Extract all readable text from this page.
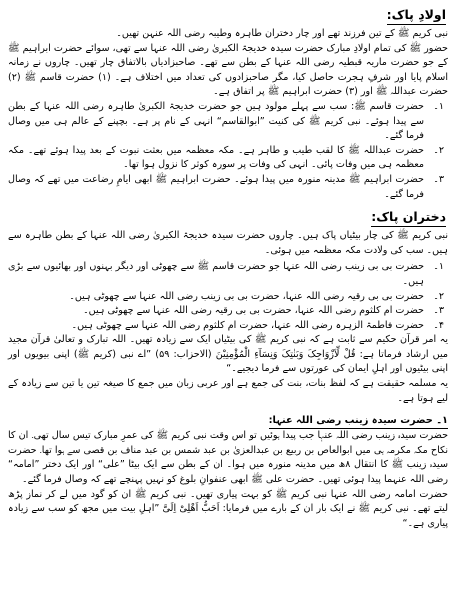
اولادِ پاک:

نبی کریم ﷺ کے تین فرزند تھے اور چار دختران طاہرہ وطیبہ رضی اللہ عنہن تھیں۔

حضور ﷺ کی تمام اولادِ مبارک حضرت سیدہ خدیجۃ الکبریٰ رضی اللہ عنہا سے تھی، سوائے حضرت ابراہیم ﷺ کے جو حضرت ماریہ قبطیہ رضی اللہ عنہا کے بطن سے تھے۔ صاحبزادیاں بالاتفاق چار تھیں۔ چاروں نے زمانہ اسلام پایا اور شرفِ ہجرت حاصل کیا، مگر صاحبزادوں کی تعداد میں اختلاف ہے۔ (۱) حضرت قاسم ﷺ (۲) حضرت عبداللہ ﷺ اور (۳) حضرت ابراہیم ﷺ پر اتفاق ہے۔

۱۔
حضرت قاسم ﷺ: سب سے پہلے مولود ہیں جو حضرت خدیجۃ الکبریٰ طاہرہ رضی اللہ عنہا کے بطن سے پیدا ہوئے۔ نبی کریم ﷺ کی کنیت ”ابوالقاسم“ انہی کے نام پر ہے۔ بچپنے کے عالم ہی میں وصال فرما گئے۔
۲۔
حضرت عبداللہ ﷺ کا لقب طیب و طاہر ہے۔ مکہ معظمہ میں بعثت نبوت کے بعد پیدا ہوئے تھے۔ مکہ معظمہ ہی میں وفات پائی۔ انہی کی وفات پر سورہ کوثر کا نزول ہوا تھا۔
۳۔
حضرت ابراہیم ﷺ مدینہ منورہ میں پیدا ہوئے۔ حضرت ابراہیم ﷺ ابھی ایامِ رضاعت میں تھے کہ وصال فرما گئے۔
دختران پاک:

نبی کریم ﷺ کی چار بیٹیاں پاک ہیں۔ چاروں حضرت سیدہ خدیجۃ الکبریٰ رضی اللہ عنہا کے بطن طاہرہ سے ہیں۔ سب کی ولادت مکہ معظمہ میں ہوئی۔

۱۔
حضرت بی بی زینب رضی اللہ عنہا جو حضرت قاسم ﷺ سے چھوٹی اور دیگر بہنوں اور بھائیوں سے بڑی ہیں۔
۲۔
حضرت بی بی رقیہ رضی اللہ عنہا، حضرت بی بی زینب رضی اللہ عنہا سے چھوٹی ہیں۔
۳۔
حضرت ام کلثوم رضی اللہ عنہا، حضرت بی بی رقیہ رضی اللہ عنہا سے چھوٹی ہیں۔
۴۔
حضرت فاطمۃ الزہرہ رضی اللہ عنہا، حضرت ام کلثوم رضی اللہ عنہا سے چھوٹی ہیں۔

یہ امر قرآن حکیم سے ثابت ہے کہ نبی کریم ﷺ کی بیٹیاں ایک سے زیادہ تھیں۔ اللہ تبارک و تعالیٰ قرآن مجید میں ارشاد فرماتا ہے: قُلْ لِّاَزْوَاجِکَ وَبَنٰتِکَ وَنِسَآءِ الْمُؤْمِنِیْنَ (الاحزاب: ۵۹) ”اے نبی (کریم ﷺ) اپنی بیویوں اور اپنی بیٹیوں اور اہلِ ایمان کی عورتوں سے فرما دیجیے۔“

یہ مسلمہ حقیقت ہے کہ لفظ بنات، بنت کی جمع ہے اور عربی زبان میں جمع کا صیغہ تین یا تین سے زیادہ کے لیے ہوتا ہے۔

۱۔ حضرت سیدہ زینب رضی اللہ عنہا:

حضرت سیدہ زینب رضی اللہ عنہا جب پیدا ہوئیں تو اس وقت نبی کریم ﷺ کی عمرِ مبارک تیس سال تھی۔ ان کا نکاح مکہ مکرمہ ہی میں ابوالعاص بن ربیع بن عبدالعزیٰ بن عبد شمس بن عبد مناف بن قصی سے ہوا تھا۔ حضرت سیدہ زینب ﷺ کا انتقال ۸ھ میں مدینہ منورہ میں ہوا۔ ان کے بطن سے ایک بیٹا ”علی“ اور ایک دختر ”امامہ“ رضی اللہ عنہما پیدا ہوئی تھیں۔ حضرت علی ﷺ ابھی عنفوانِ بلوغ کو نہیں پہنچے تھے کہ وصال فرما گئے۔

حضرت امامہ رضی اللہ عنہا نبی کریم ﷺ کو بہت پیاری تھیں۔ نبی کریم ﷺ ان کو گود میں لے کر نماز پڑھ لیتے تھے۔ نبی کریم ﷺ نے ایک بار ان کے بارے میں فرمایا: اَحَبُّ اَھْلِیْ اِلَیَّ ”اہلِ بیت میں مجھ کو سب سے زیادہ پیاری ہے۔“
